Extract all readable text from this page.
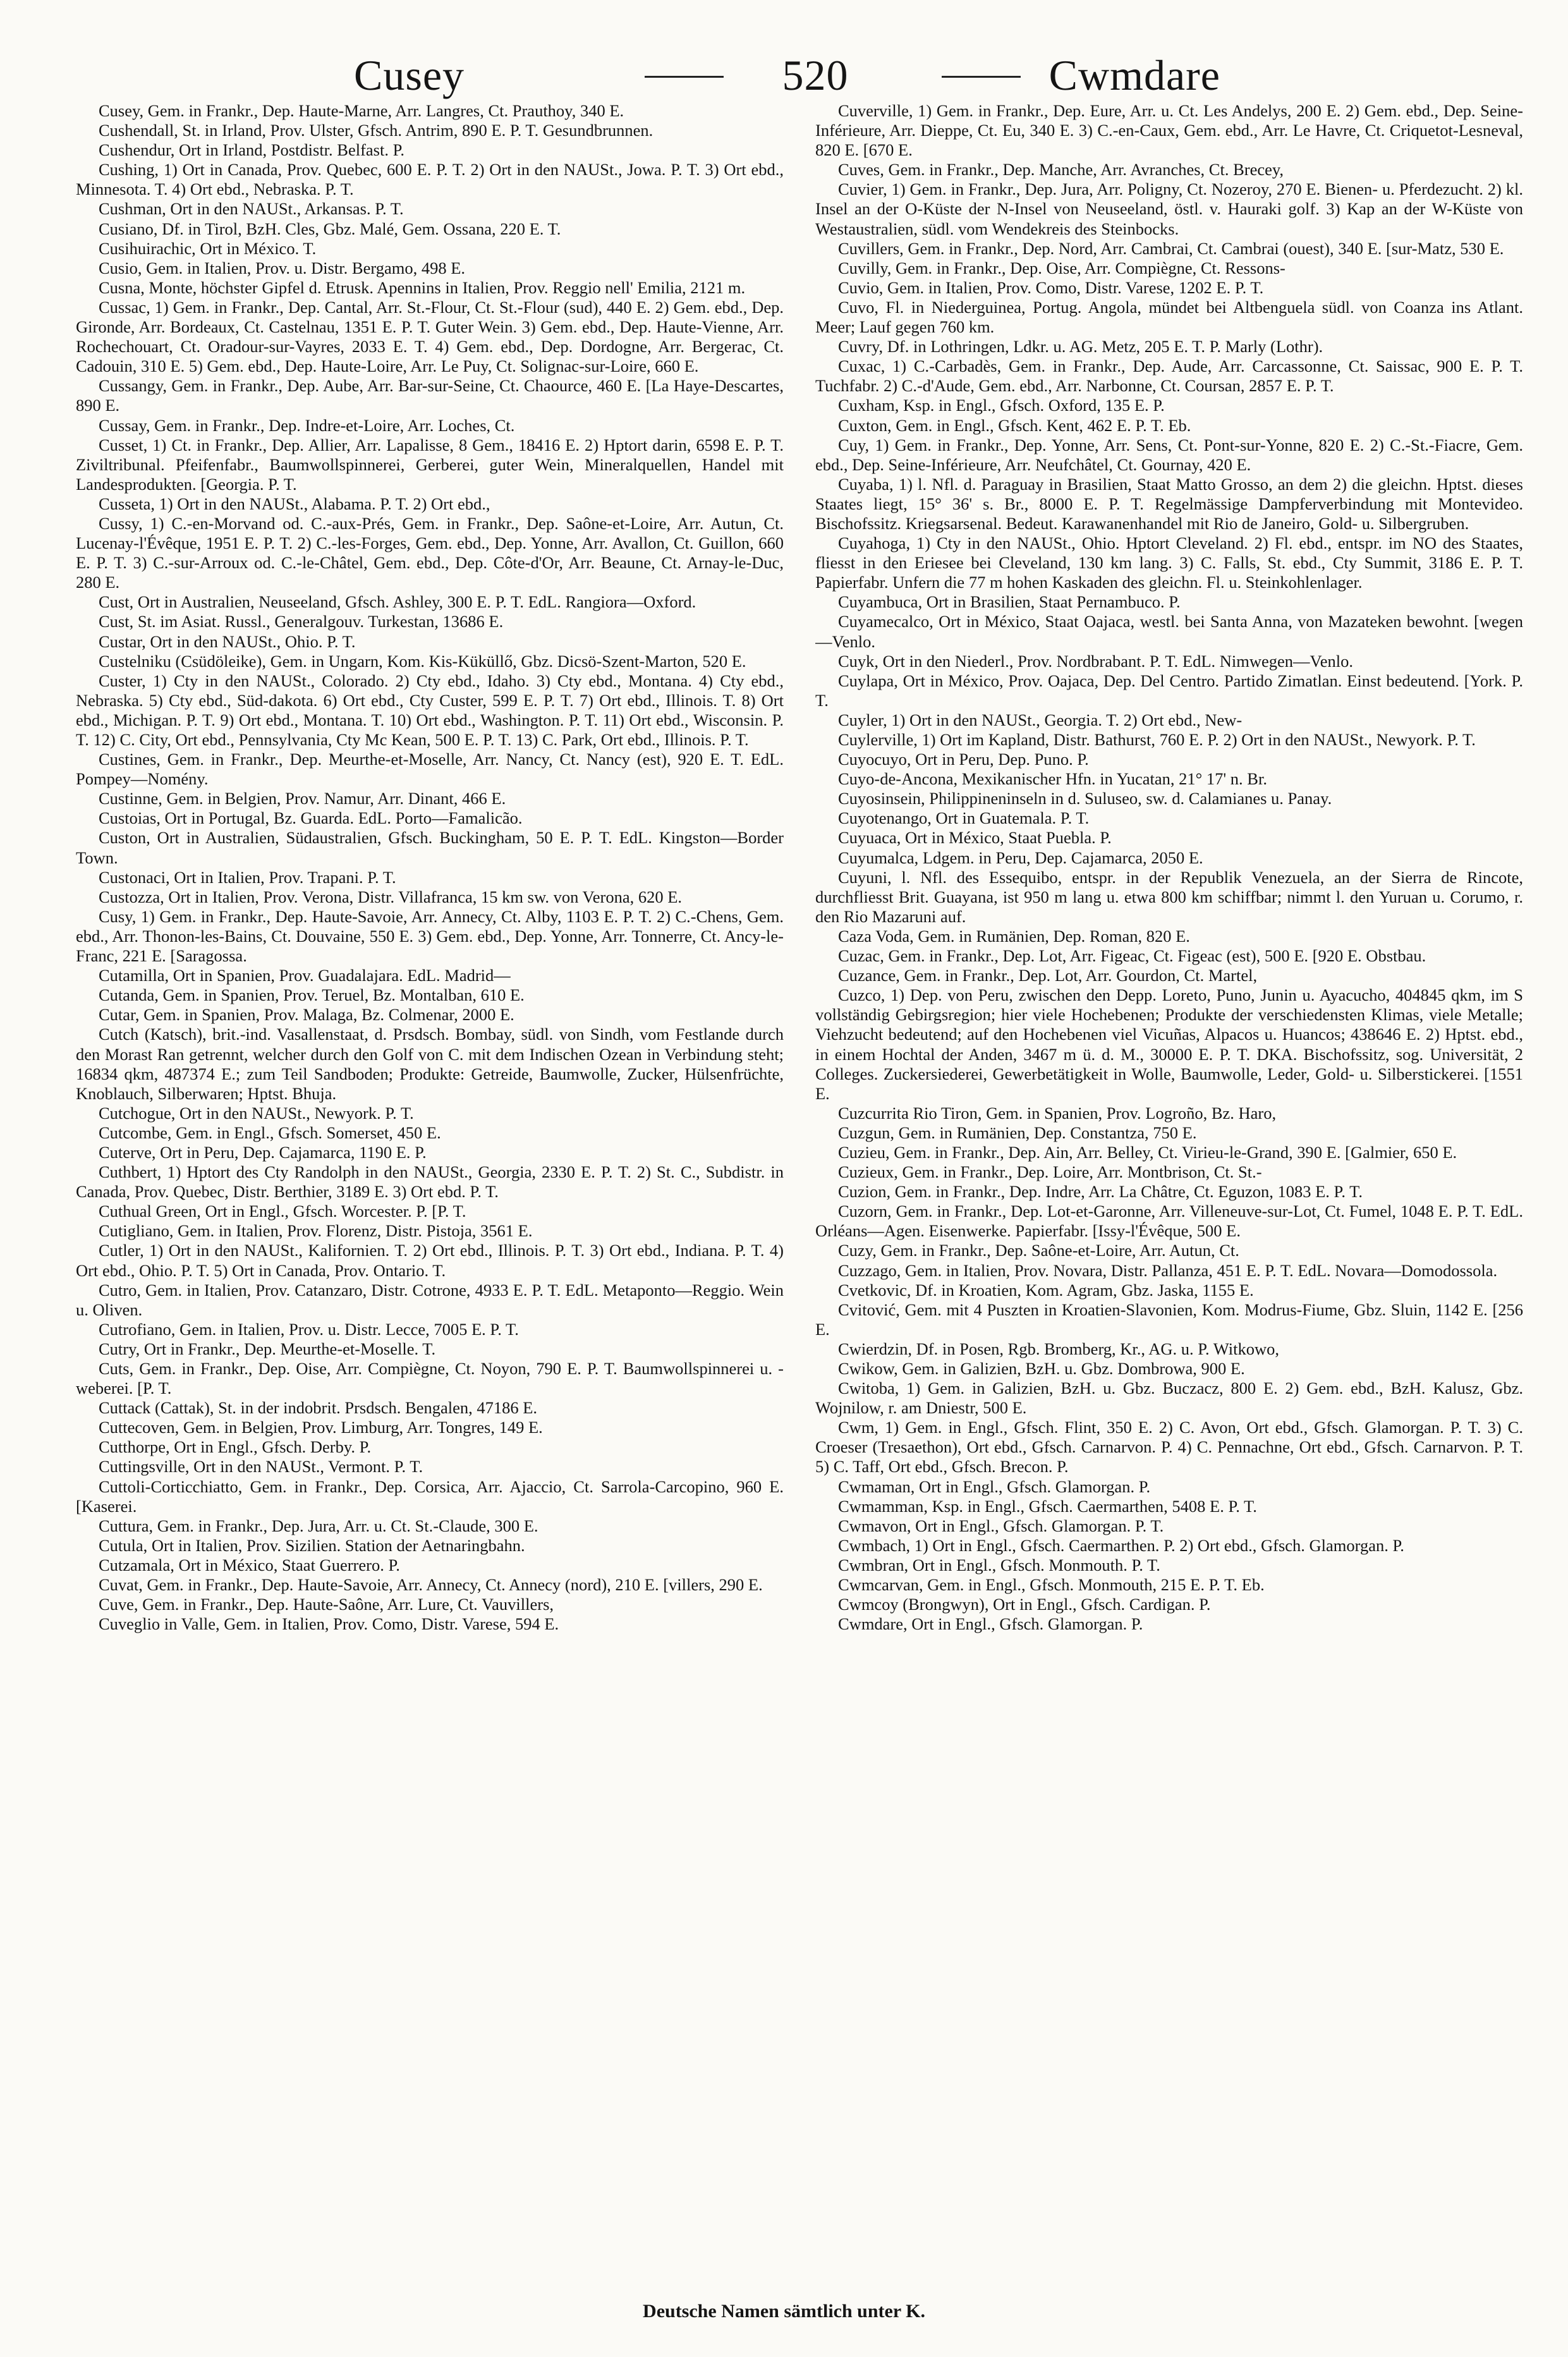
Cusey	520	Cwmdare

Cusey, Gem. in Frankr., Dep. Haute-Marne, Arr. Langres, Ct. Prauthoy, 340 E.

Cushendall, St. in Irland, Prov. Ulster, Gfsch. Antrim, 890 E. P. T. Gesundbrunnen.

Cushendur, Ort in Irland, Postdistr. Belfast. P.

Cushing, 1) Ort in Canada, Prov. Quebec, 600 E. P. T. 2) Ort in den NAUSt., Jowa. P. T. 3) Ort ebd., Minnesota. T. 4) Ort ebd., Nebraska. P. T.

Cushman, Ort in den NAUSt., Arkansas. P. T.

Cusiano, Df. in Tirol, BzH. Cles, Gbz. Malé, Gem. Ossana, 220 E. T.

Cusihuirachic, Ort in México. T.

Cusio, Gem. in Italien, Prov. u. Distr. Bergamo, 498 E.

Cusna, Monte, höchster Gipfel d. Etrusk. Apennins in Italien, Prov. Reggio nell' Emilia, 2121 m.

Cussac, 1) Gem. in Frankr., Dep. Cantal, Arr. St.-Flour, Ct. St.-Flour (sud), 440 E. 2) Gem. ebd., Dep. Gironde, Arr. Bordeaux, Ct. Castelnau, 1351 E. P. T. Guter Wein. 3) Gem. ebd., Dep. Haute-Vienne, Arr. Rochechouart, Ct. Oradour-sur-Vayres, 2033 E. T. 4) Gem. ebd., Dep. Dordogne, Arr. Bergerac, Ct. Cadouin, 310 E. 5) Gem. ebd., Dep. Haute-Loire, Arr. Le Puy, Ct. Solignac-sur-Loire, 660 E.

Cussangy, Gem. in Frankr., Dep. Aube, Arr. Bar-sur-Seine, Ct. Chaource, 460 E. [La Haye-Descartes, 890 E.

Cussay, Gem. in Frankr., Dep. Indre-et-Loire, Arr. Loches, Ct.

Cusset, 1) Ct. in Frankr., Dep. Allier, Arr. Lapalisse, 8 Gem., 18416 E. 2) Hptort darin, 6598 E. P. T. Ziviltribunal. Pfeifenfabr., Baumwollspinnerei, Gerberei, guter Wein, Mineralquellen, Handel mit Landesprodukten. [Georgia. P. T.

Cusseta, 1) Ort in den NAUSt., Alabama. P. T. 2) Ort ebd.,

Cussy, 1) C.-en-Morvand od. C.-aux-Prés, Gem. in Frankr., Dep. Saône-et-Loire, Arr. Autun, Ct. Lucenay-l'Évêque, 1951 E. P. T. 2) C.-les-Forges, Gem. ebd., Dep. Yonne, Arr. Avallon, Ct. Guillon, 660 E. P. T. 3) C.-sur-Arroux od. C.-le-Châtel, Gem. ebd., Dep. Côte-d'Or, Arr. Beaune, Ct. Arnay-le-Duc, 280 E.

Cust, Ort in Australien, Neuseeland, Gfsch. Ashley, 300 E. P. T. EdL. Rangiora—Oxford.

Cust, St. im Asiat. Russl., Generalgouv. Turkestan, 13686 E.

Custar, Ort in den NAUSt., Ohio. P. T.

Custelniku (Csüdöleike), Gem. in Ungarn, Kom. Kis-Küküllő, Gbz. Dicsö-Szent-Marton, 520 E.

Custer, 1) Cty in den NAUSt., Colorado. 2) Cty ebd., Idaho. 3) Cty ebd., Montana. 4) Cty ebd., Nebraska. 5) Cty ebd., Süd-dakota. 6) Ort ebd., Cty Custer, 599 E. P. T. 7) Ort ebd., Illinois. T. 8) Ort ebd., Michigan. P. T. 9) Ort ebd., Montana. T. 10) Ort ebd., Washington. P. T. 11) Ort ebd., Wisconsin. P. T. 12) C. City, Ort ebd., Pennsylvania, Cty Mc Kean, 500 E. P. T. 13) C. Park, Ort ebd., Illinois. P. T.

Custines, Gem. in Frankr., Dep. Meurthe-et-Moselle, Arr. Nancy, Ct. Nancy (est), 920 E. T. EdL. Pompey—Nomény.

Custinne, Gem. in Belgien, Prov. Namur, Arr. Dinant, 466 E.

Custoias, Ort in Portugal, Bz. Guarda. EdL. Porto—Famalicão.

Custon, Ort in Australien, Südaustralien, Gfsch. Buckingham, 50 E. P. T. EdL. Kingston—Border Town.

Custonaci, Ort in Italien, Prov. Trapani. P. T.

Custozza, Ort in Italien, Prov. Verona, Distr. Villafranca, 15 km sw. von Verona, 620 E.

Cusy, 1) Gem. in Frankr., Dep. Haute-Savoie, Arr. Annecy, Ct. Alby, 1103 E. P. T. 2) C.-Chens, Gem. ebd., Arr. Thonon-les-Bains, Ct. Douvaine, 550 E. 3) Gem. ebd., Dep. Yonne, Arr. Tonnerre, Ct. Ancy-le-Franc, 221 E. [Saragossa.

Cutamilla, Ort in Spanien, Prov. Guadalajara. EdL. Madrid—

Cutanda, Gem. in Spanien, Prov. Teruel, Bz. Montalban, 610 E.

Cutar, Gem. in Spanien, Prov. Malaga, Bz. Colmenar, 2000 E.

Cutch (Katsch), brit.-ind. Vasallenstaat, d. Prsdsch. Bombay, südl. von Sindh, vom Festlande durch den Morast Ran getrennt, welcher durch den Golf von C. mit dem Indischen Ozean in Verbindung steht; 16834 qkm, 487374 E.; zum Teil Sandboden; Produkte: Getreide, Baumwolle, Zucker, Hülsenfrüchte, Knoblauch, Silberwaren; Hptst. Bhuja.

Cutchogue, Ort in den NAUSt., Newyork. P. T.

Cutcombe, Gem. in Engl., Gfsch. Somerset, 450 E.

Cuterve, Ort in Peru, Dep. Cajamarca, 1190 E. P.

Cuthbert, 1) Hptort des Cty Randolph in den NAUSt., Georgia, 2330 E. P. T. 2) St. C., Subdistr. in Canada, Prov. Quebec, Distr. Berthier, 3189 E. 3) Ort ebd. P. T.

Cuthual Green, Ort in Engl., Gfsch. Worcester. P. [P. T.

Cutigliano, Gem. in Italien, Prov. Florenz, Distr. Pistoja, 3561 E.

Cutler, 1) Ort in den NAUSt., Kalifornien. T. 2) Ort ebd., Illinois. P. T. 3) Ort ebd., Indiana. P. T. 4) Ort ebd., Ohio. P. T. 5) Ort in Canada, Prov. Ontario. T.

Cutro, Gem. in Italien, Prov. Catanzaro, Distr. Cotrone, 4933 E. P. T. EdL. Metaponto—Reggio. Wein u. Oliven.

Cutrofiano, Gem. in Italien, Prov. u. Distr. Lecce, 7005 E. P. T.

Cutry, Ort in Frankr., Dep. Meurthe-et-Moselle. T.

Cuts, Gem. in Frankr., Dep. Oise, Arr. Compiègne, Ct. Noyon, 790 E. P. T. Baumwollspinnerei u. -weberei. [P. T.

Cuttack (Cattak), St. in der indobrit. Prsdsch. Bengalen, 47186 E.

Cuttecoven, Gem. in Belgien, Prov. Limburg, Arr. Tongres, 149 E.

Cutthorpe, Ort in Engl., Gfsch. Derby. P.

Cuttingsville, Ort in den NAUSt., Vermont. P. T.

Cuttoli-Corticchiatto, Gem. in Frankr., Dep. Corsica, Arr. Ajaccio, Ct. Sarrola-Carcopino, 960 E. [Kaserei.

Cuttura, Gem. in Frankr., Dep. Jura, Arr. u. Ct. St.-Claude, 300 E.

Cutula, Ort in Italien, Prov. Sizilien. Station der Aetnaringbahn.

Cutzamala, Ort in México, Staat Guerrero. P.

Cuvat, Gem. in Frankr., Dep. Haute-Savoie, Arr. Annecy, Ct. Annecy (nord), 210 E. [villers, 290 E.

Cuve, Gem. in Frankr., Dep. Haute-Saône, Arr. Lure, Ct. Vauvillers,

Cuveglio in Valle, Gem. in Italien, Prov. Como, Distr. Varese, 594 E.

Cuverville, 1) Gem. in Frankr., Dep. Eure, Arr. u. Ct. Les Andelys, 200 E. 2) Gem. ebd., Dep. Seine-Inférieure, Arr. Dieppe, Ct. Eu, 340 E. 3) C.-en-Caux, Gem. ebd., Arr. Le Havre, Ct. Criquetot-Lesneval, 820 E. [670 E.

Cuves, Gem. in Frankr., Dep. Manche, Arr. Avranches, Ct. Brecey,

Cuvier, 1) Gem. in Frankr., Dep. Jura, Arr. Poligny, Ct. Nozeroy, 270 E. Bienen- u. Pferdezucht. 2) kl. Insel an der O-Küste der N-Insel von Neuseeland, östl. v. Hauraki golf. 3) Kap an der W-Küste von Westaustralien, südl. vom Wendekreis des Steinbocks.

Cuvillers, Gem. in Frankr., Dep. Nord, Arr. Cambrai, Ct. Cambrai (ouest), 340 E. [sur-Matz, 530 E.

Cuvilly, Gem. in Frankr., Dep. Oise, Arr. Compiègne, Ct. Ressons-

Cuvio, Gem. in Italien, Prov. Como, Distr. Varese, 1202 E. P. T.

Cuvo, Fl. in Niederguinea, Portug. Angola, mündet bei Altbenguela südl. von Coanza ins Atlant. Meer; Lauf gegen 760 km.

Cuvry, Df. in Lothringen, Ldkr. u. AG. Metz, 205 E. T. P. Marly (Lothr).

Cuxac, 1) C.-Carbadès, Gem. in Frankr., Dep. Aude, Arr. Carcassonne, Ct. Saissac, 900 E. P. T. Tuchfabr. 2) C.-d'Aude, Gem. ebd., Arr. Narbonne, Ct. Coursan, 2857 E. P. T.

Cuxham, Ksp. in Engl., Gfsch. Oxford, 135 E. P.

Cuxton, Gem. in Engl., Gfsch. Kent, 462 E. P. T. Eb.

Cuy, 1) Gem. in Frankr., Dep. Yonne, Arr. Sens, Ct. Pont-sur-Yonne, 820 E. 2) C.-St.-Fiacre, Gem. ebd., Dep. Seine-Inférieure, Arr. Neufchâtel, Ct. Gournay, 420 E.

Cuyaba, 1) l. Nfl. d. Paraguay in Brasilien, Staat Matto Grosso, an dem 2) die gleichn. Hptst. dieses Staates liegt, 15° 36' s. Br., 8000 E. P. T. Regelmässige Dampferverbindung mit Montevideo. Bischofssitz. Kriegsarsenal. Bedeut. Karawanenhandel mit Rio de Janeiro, Gold- u. Silbergruben.

Cuyahoga, 1) Cty in den NAUSt., Ohio. Hptort Cleveland. 2) Fl. ebd., entspr. im NO des Staates, fliesst in den Eriesee bei Cleveland, 130 km lang. 3) C. Falls, St. ebd., Cty Summit, 3186 E. P. T. Papierfabr. Unfern die 77 m hohen Kaskaden des gleichn. Fl. u. Steinkohlenlager.

Cuyambuca, Ort in Brasilien, Staat Pernambuco. P.

Cuyamecalco, Ort in México, Staat Oajaca, westl. bei Santa Anna, von Mazateken bewohnt. [wegen—Venlo.

Cuyk, Ort in den Niederl., Prov. Nordbrabant. P. T. EdL. Nimwegen—Venlo.

Cuylapa, Ort in México, Prov. Oajaca, Dep. Del Centro. Partido Zimatlan. Einst bedeutend. [York. P. T.

Cuyler, 1) Ort in den NAUSt., Georgia. T. 2) Ort ebd., New-

Cuylerville, 1) Ort im Kapland, Distr. Bathurst, 760 E. P. 2) Ort in den NAUSt., Newyork. P. T.

Cuyocuyo, Ort in Peru, Dep. Puno. P.

Cuyo-de-Ancona, Mexikanischer Hfn. in Yucatan, 21° 17' n. Br.

Cuyosinsein, Philippineninseln in d. Suluseo, sw. d. Calamianes u. Panay.

Cuyotenango, Ort in Guatemala. P. T.

Cuyuaca, Ort in México, Staat Puebla. P.

Cuyumalca, Ldgem. in Peru, Dep. Cajamarca, 2050 E.

Cuyuni, l. Nfl. des Essequibo, entspr. in der Republik Venezuela, an der Sierra de Rincote, durchfliesst Brit. Guayana, ist 950 m lang u. etwa 800 km schiffbar; nimmt l. den Yuruan u. Corumo, r. den Rio Mazaruni auf.

Caza Voda, Gem. in Rumänien, Dep. Roman, 820 E.

Cuzac, Gem. in Frankr., Dep. Lot, Arr. Figeac, Ct. Figeac (est), 500 E. [920 E. Obstbau.

Cuzance, Gem. in Frankr., Dep. Lot, Arr. Gourdon, Ct. Martel,

Cuzco, 1) Dep. von Peru, zwischen den Depp. Loreto, Puno, Junin u. Ayacucho, 404845 qkm, im S vollständig Gebirgsregion; hier viele Hochebenen; Produkte der verschiedensten Klimas, viele Metalle; Viehzucht bedeutend; auf den Hochebenen viel Vicuñas, Alpacos u. Huancos; 438646 E. 2) Hptst. ebd., in einem Hochtal der Anden, 3467 m ü. d. M., 30000 E. P. T. DKA. Bischofssitz, sog. Universität, 2 Colleges. Zuckersiederei, Gewerbetätigkeit in Wolle, Baumwolle, Leder, Gold- u. Silberstickerei. [1551 E.

Cuzcurrita Rio Tiron, Gem. in Spanien, Prov. Logroño, Bz. Haro,

Cuzgun, Gem. in Rumänien, Dep. Constantza, 750 E.

Cuzieu, Gem. in Frankr., Dep. Ain, Arr. Belley, Ct. Virieu-le-Grand, 390 E. [Galmier, 650 E.

Cuzieux, Gem. in Frankr., Dep. Loire, Arr. Montbrison, Ct. St.-

Cuzion, Gem. in Frankr., Dep. Indre, Arr. La Châtre, Ct. Eguzon, 1083 E. P. T.

Cuzorn, Gem. in Frankr., Dep. Lot-et-Garonne, Arr. Villeneuve-sur-Lot, Ct. Fumel, 1048 E. P. T. EdL. Orléans—Agen. Eisenwerke. Papierfabr. [Issy-l'Évêque, 500 E.

Cuzy, Gem. in Frankr., Dep. Saône-et-Loire, Arr. Autun, Ct.

Cuzzago, Gem. in Italien, Prov. Novara, Distr. Pallanza, 451 E. P. T. EdL. Novara—Domodossola.

Cvetkovic, Df. in Kroatien, Kom. Agram, Gbz. Jaska, 1155 E.

Cvitović, Gem. mit 4 Puszten in Kroatien-Slavonien, Kom. Modrus-Fiume, Gbz. Sluin, 1142 E. [256 E.

Cwierdzin, Df. in Posen, Rgb. Bromberg, Kr., AG. u. P. Witkowo,

Cwikow, Gem. in Galizien, BzH. u. Gbz. Dombrowa, 900 E.

Cwitoba, 1) Gem. in Galizien, BzH. u. Gbz. Buczacz, 800 E. 2) Gem. ebd., BzH. Kalusz, Gbz. Wojnilow, r. am Dniestr, 500 E.

Cwm, 1) Gem. in Engl., Gfsch. Flint, 350 E. 2) C. Avon, Ort ebd., Gfsch. Glamorgan. P. T. 3) C. Croeser (Tresaethon), Ort ebd., Gfsch. Carnarvon. P. 4) C. Pennachne, Ort ebd., Gfsch. Carnarvon. P. T. 5) C. Taff, Ort ebd., Gfsch. Brecon. P.

Cwmaman, Ort in Engl., Gfsch. Glamorgan. P.

Cwmamman, Ksp. in Engl., Gfsch. Caermarthen, 5408 E. P. T.

Cwmavon, Ort in Engl., Gfsch. Glamorgan. P. T.

Cwmbach, 1) Ort in Engl., Gfsch. Caermarthen. P. 2) Ort ebd., Gfsch. Glamorgan. P.

Cwmbran, Ort in Engl., Gfsch. Monmouth. P. T.

Cwmcarvan, Gem. in Engl., Gfsch. Monmouth, 215 E. P. T. Eb.

Cwmcoy (Brongwyn), Ort in Engl., Gfsch. Cardigan. P.

Cwmdare, Ort in Engl., Gfsch. Glamorgan. P.

Deutsche Namen sämtlich unter K.
